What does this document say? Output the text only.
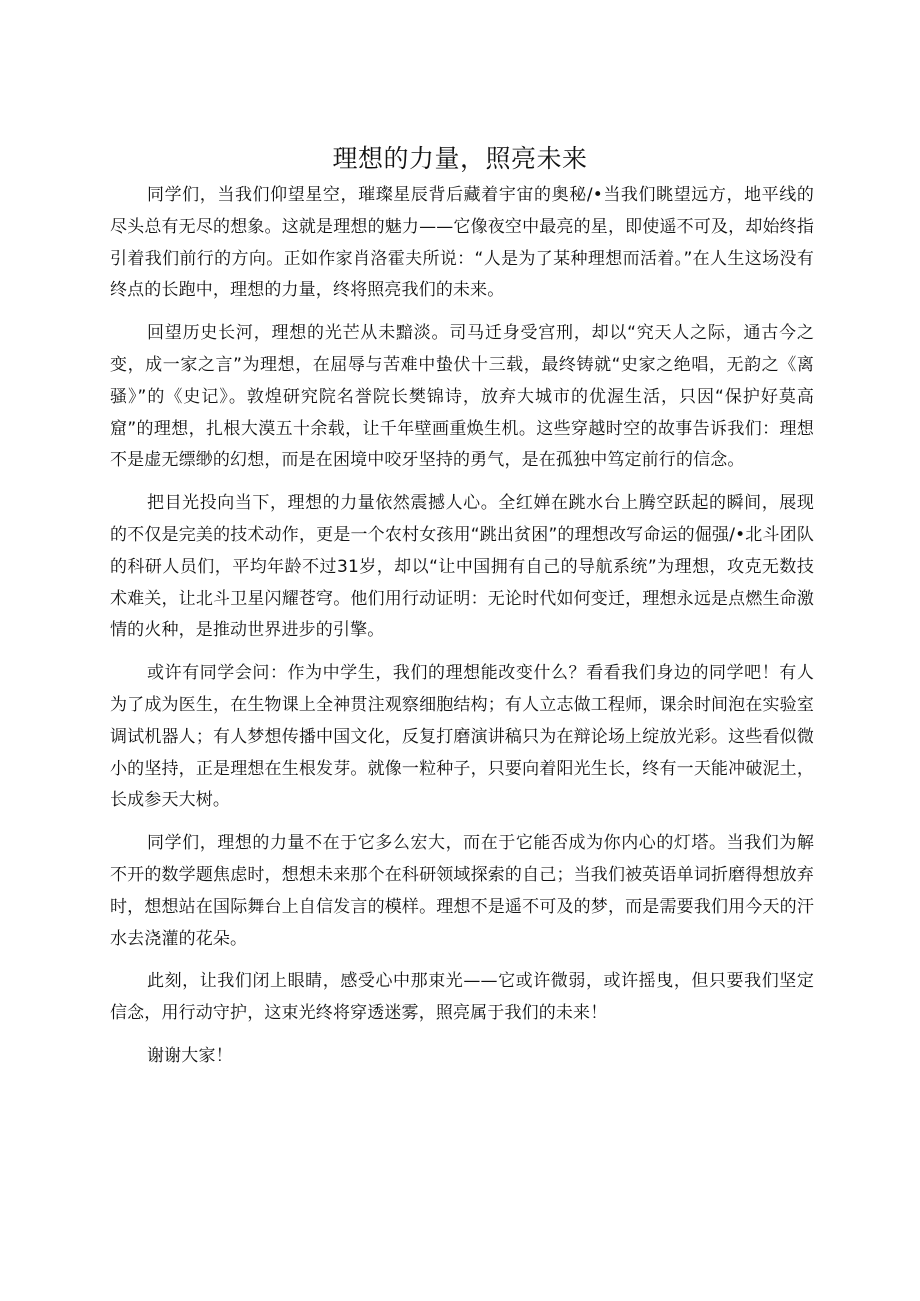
理想的力量，照亮未来

同学们，当我们仰望星空，璀璨星辰背后藏着宇宙的奥秘/•当我们眺望远方，地平线的尽头总有无尽的想象。这就是理想的魅力——它像夜空中最亮的星，即使遥不可及，却始终指引着我们前行的方向。正如作家肖洛霍夫所说：“人是为了某种理想而活着。”在人生这场没有终点的长跑中，理想的力量，终将照亮我们的未来。

回望历史长河，理想的光芒从未黯淡。司马迁身受宫刑，却以“究天人之际，通古今之变，成一家之言”为理想，在屈辱与苦难中蛰伏十三载，最终铸就“史家之绝唱，无韵之《离骚》”的《史记》。敦煌研究院名誉院长樊锦诗，放弃大城市的优渥生活，只因“保护好莫高窟”的理想，扎根大漠五十余载，让千年壁画重焕生机。这些穿越时空的故事告诉我们：理想不是虚无缥缈的幻想，而是在困境中咬牙坚持的勇气，是在孤独中笃定前行的信念。

把目光投向当下，理想的力量依然震撼人心。全红婵在跳水台上腾空跃起的瞬间，展现的不仅是完美的技术动作，更是一个农村女孩用“跳出贫困”的理想改写命运的倔强/•北斗团队的科研人员们，平均年龄不过31岁，却以“让中国拥有自己的导航系统”为理想，攻克无数技术难关，让北斗卫星闪耀苍穹。他们用行动证明：无论时代如何变迁，理想永远是点燃生命激情的火种，是推动世界进步的引擎。

或许有同学会问：作为中学生，我们的理想能改变什么？看看我们身边的同学吧！有人为了成为医生，在生物课上全神贯注观察细胞结构；有人立志做工程师，课余时间泡在实验室调试机器人；有人梦想传播中国文化，反复打磨演讲稿只为在辩论场上绽放光彩。这些看似微小的坚持，正是理想在生根发芽。就像一粒种子，只要向着阳光生长，终有一天能冲破泥土，长成参天大树。

同学们，理想的力量不在于它多么宏大，而在于它能否成为你内心的灯塔。当我们为解不开的数学题焦虑时，想想未来那个在科研领域探索的自己；当我们被英语单词折磨得想放弃时，想想站在国际舞台上自信发言的模样。理想不是遥不可及的梦，而是需要我们用今天的汗水去浇灌的花朵。

此刻，让我们闭上眼睛，感受心中那束光——它或许微弱，或许摇曳，但只要我们坚定信念，用行动守护，这束光终将穿透迷雾，照亮属于我们的未来！

谢谢大家！
